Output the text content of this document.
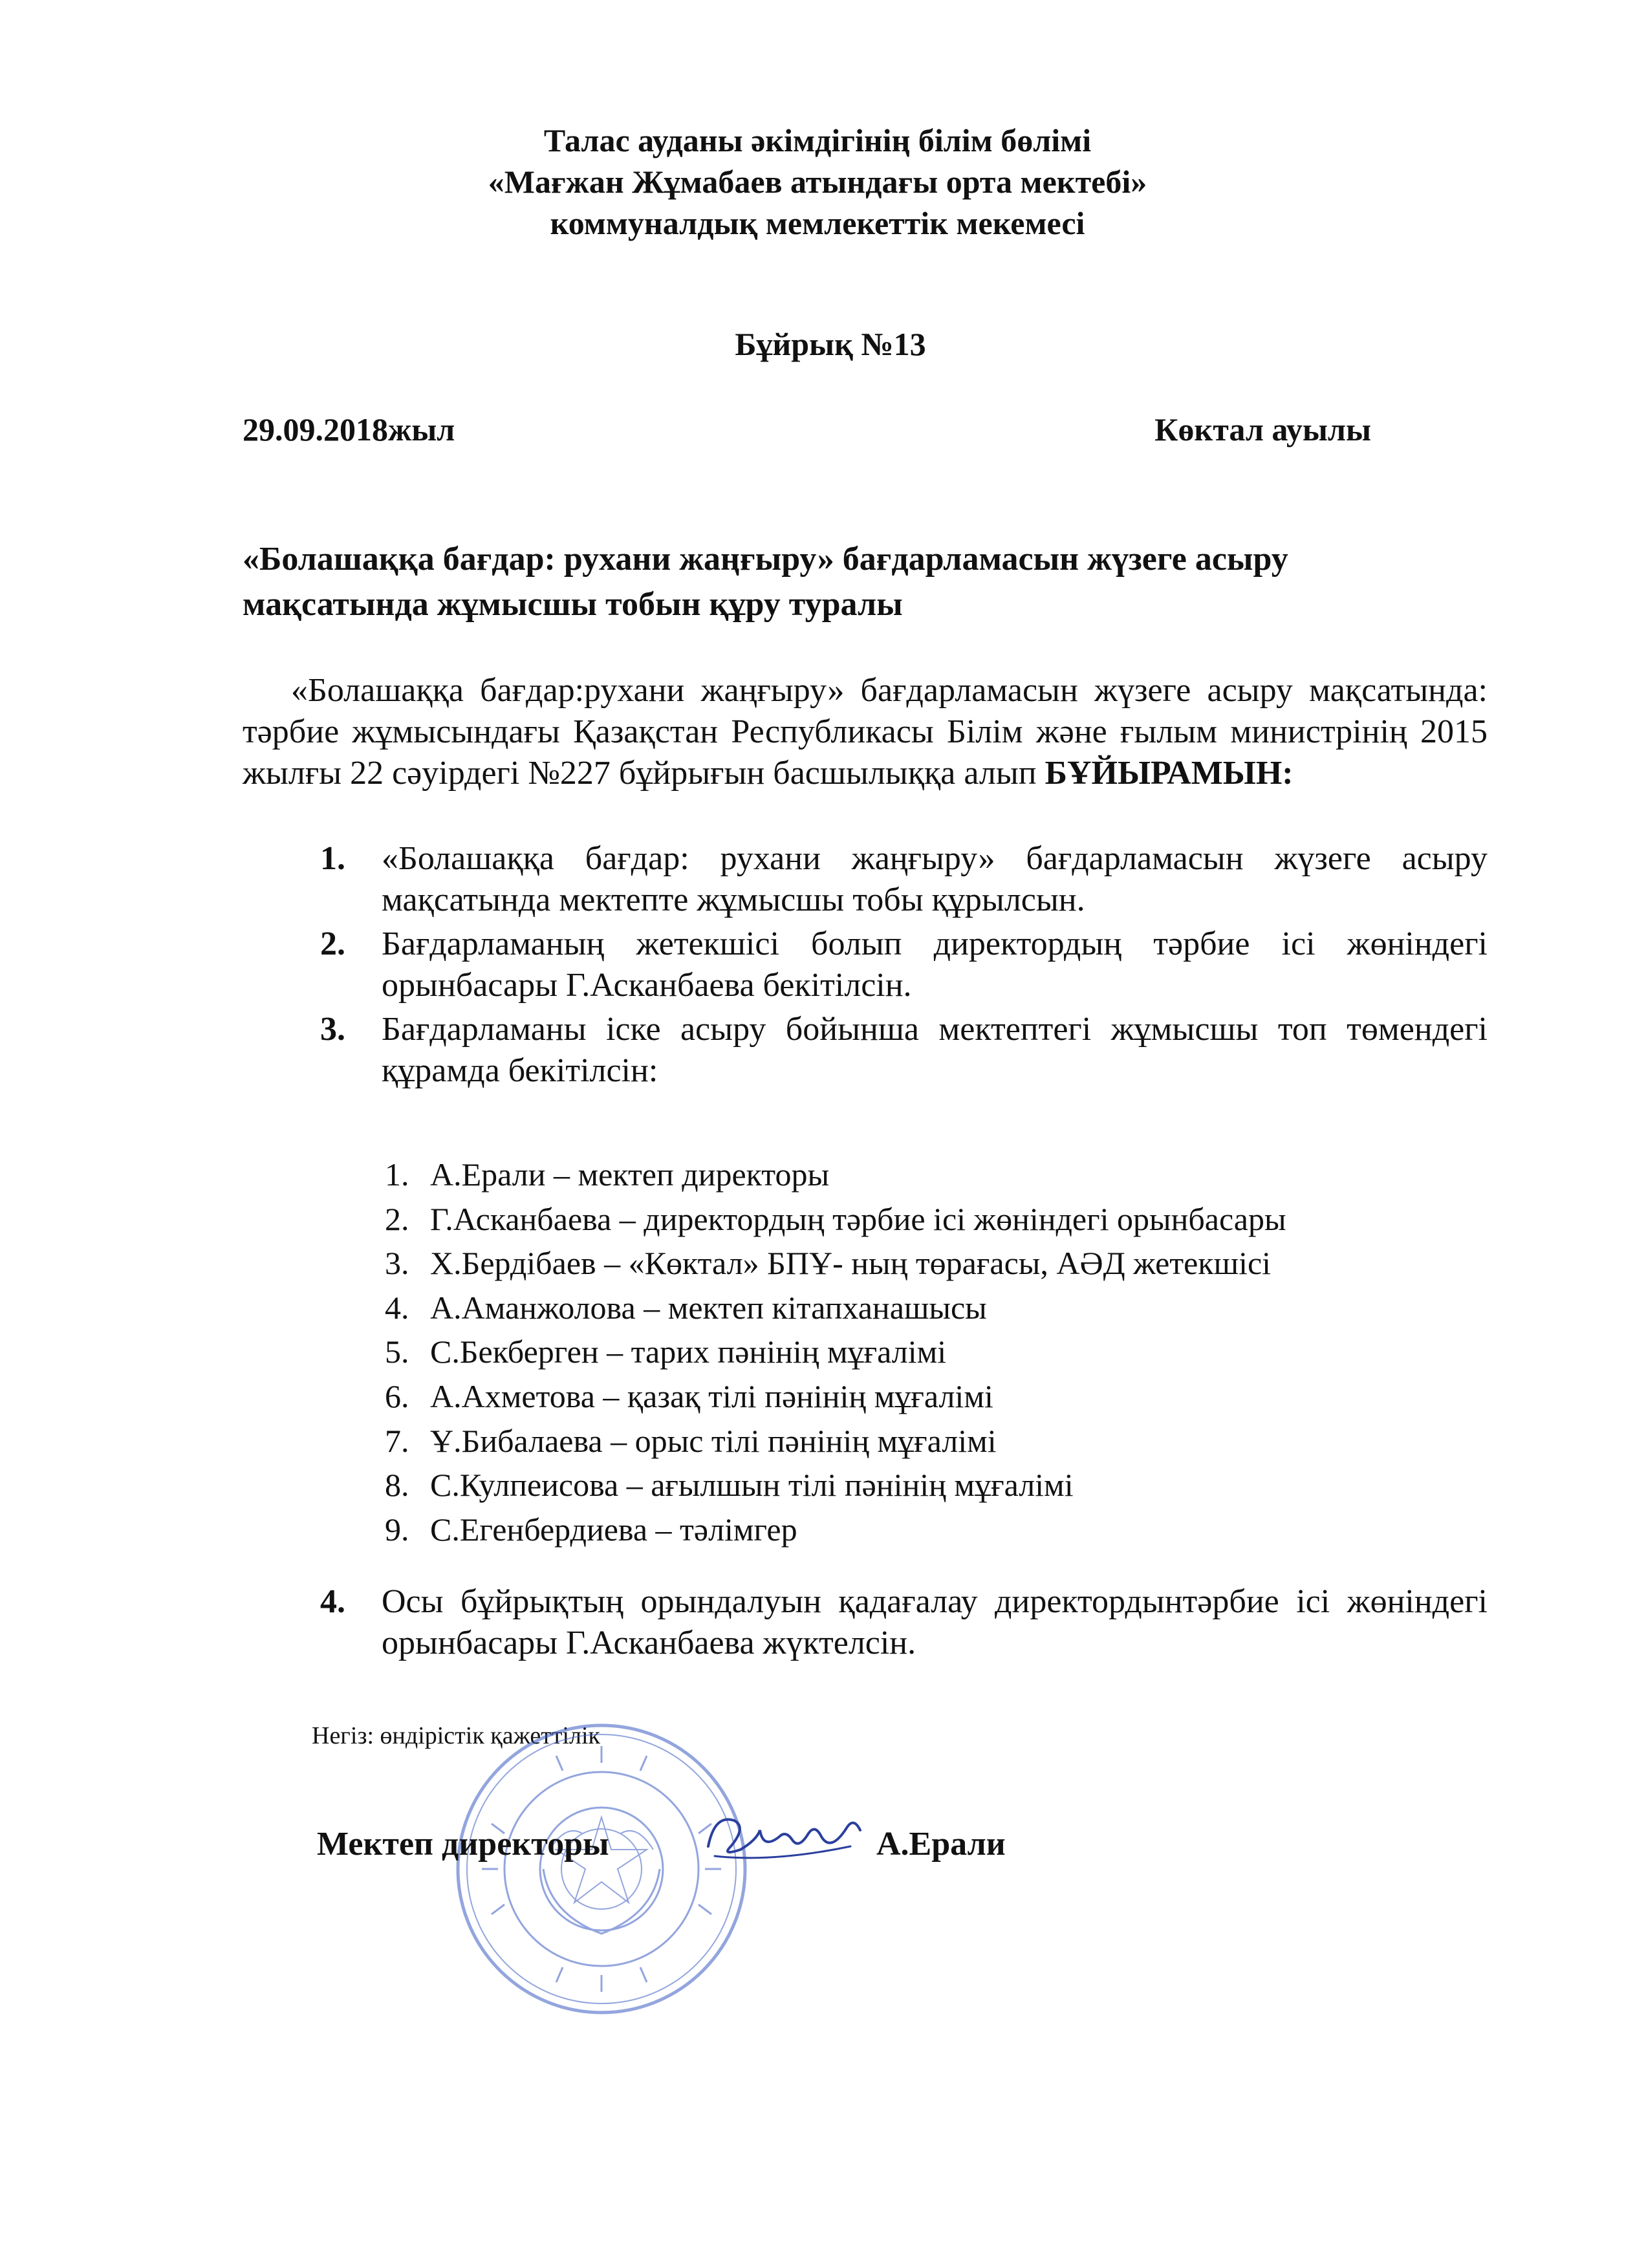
Талас ауданы әкімдігінің білім бөлімі
«Мағжан Жұмабаев атындағы орта мектебі»
коммуналдық мемлекеттік мекемесі
Бұйрық №13
29.09.2018жыл	Көктал ауылы
«Болашаққа бағдар: рухани жаңғыру» бағдарламасын жүзеге асыру мақсатында жұмысшы тобын құру туралы
«Болашаққа бағдар:рухани жаңғыру» бағдарламасын жүзеге асыру мақсатында: тәрбие жұмысындағы Қазақстан Республикасы Білім және ғылым министрінің 2015 жылғы 22 сәуірдегі №227 бұйрығын басшылыққа алып БҰЙЫРАМЫН:
1. «Болашаққа бағдар: рухани жаңғыру» бағдарламасын жүзеге асыру мақсатында мектепте жұмысшы тобы құрылсын.
2. Бағдарламаның жетекшісі болып директордың тәрбие ісі жөніндегі орынбасары Г.Асканбаева бекітілсін.
3. Бағдарламаны іске асыру бойынша мектептегі жұмысшы топ төмендегі құрамда бекітілсін:
1. А.Ерали – мектеп директоры
2. Г.Асканбаева – директордың тәрбие ісі жөніндегі орынбасары
3. Х.Бердібаев – «Көктал» БПҰ- ның төрағасы, АӘД жетекшісі
4. А.Аманжолова – мектеп кітапханашысы
5. С.Бекберген – тарих пәнінің мұғалімі
6. А.Ахметова – қазақ тілі пәнінің мұғалімі
7. Ұ.Бибалаева – орыс тілі пәнінің мұғалімі
8. С.Кулпеисова – ағылшын тілі пәнінің мұғалімі
9. С.Егенбердиева – тәлімгер
4. Осы бұйрықтың орындалуын қадағалау директордынтәрбие ісі жөніндегі орынбасары Г.Асканбаева жүктелсін.
Негіз: өндірістік қажеттілік
Мектеп директоры	А.Ерали
